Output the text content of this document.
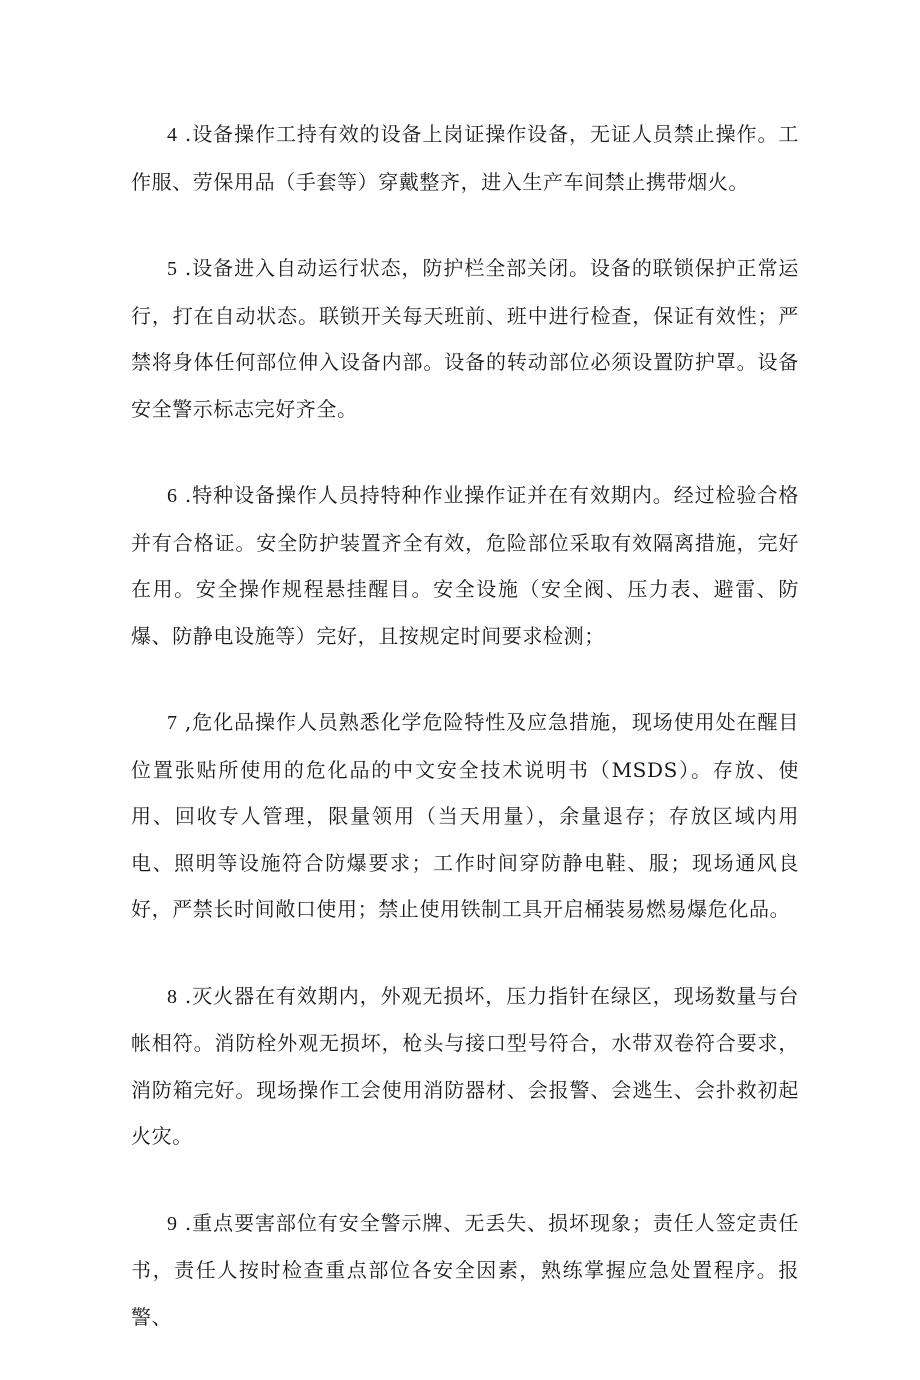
4 .设备操作工持有效的设备上岗证操作设备，无证人员禁止操作。工作服、劳保用品（手套等）穿戴整齐，进入生产车间禁止携带烟火。

5 .设备进入自动运行状态，防护栏全部关闭。设备的联锁保护正常运行，打在自动状态。联锁开关每天班前、班中进行检查，保证有效性；严禁将身体任何部位伸入设备内部。设备的转动部位必须设置防护罩。设备安全警示标志完好齐全。

6 .特种设备操作人员持特种作业操作证并在有效期内。经过检验合格并有合格证。安全防护装置齐全有效，危险部位采取有效隔离措施，完好在用。安全操作规程悬挂醒目。安全设施（安全阀、压力表、避雷、防爆、防静电设施等）完好，且按规定时间要求检测；

7 ,危化品操作人员熟悉化学危险特性及应急措施，现场使用处在醒目位置张贴所使用的危化品的中文安全技术说明书（MSDS）。存放、使用、回收专人管理，限量领用（当天用量），余量退存；存放区域内用电、照明等设施符合防爆要求；工作时间穿防静电鞋、服；现场通风良好，严禁长时间敞口使用；禁止使用铁制工具开启桶装易燃易爆危化品。

8 .灭火器在有效期内，外观无损坏，压力指针在绿区，现场数量与台帐相符。消防栓外观无损坏，枪头与接口型号符合，水带双卷符合要求，消防箱完好。现场操作工会使用消防器材、会报警、会逃生、会扑救初起火灾。

9 .重点要害部位有安全警示牌、无丢失、损坏现象；责任人签定责任书，责任人按时检查重点部位各安全因素，熟练掌握应急处置程序。报警、
